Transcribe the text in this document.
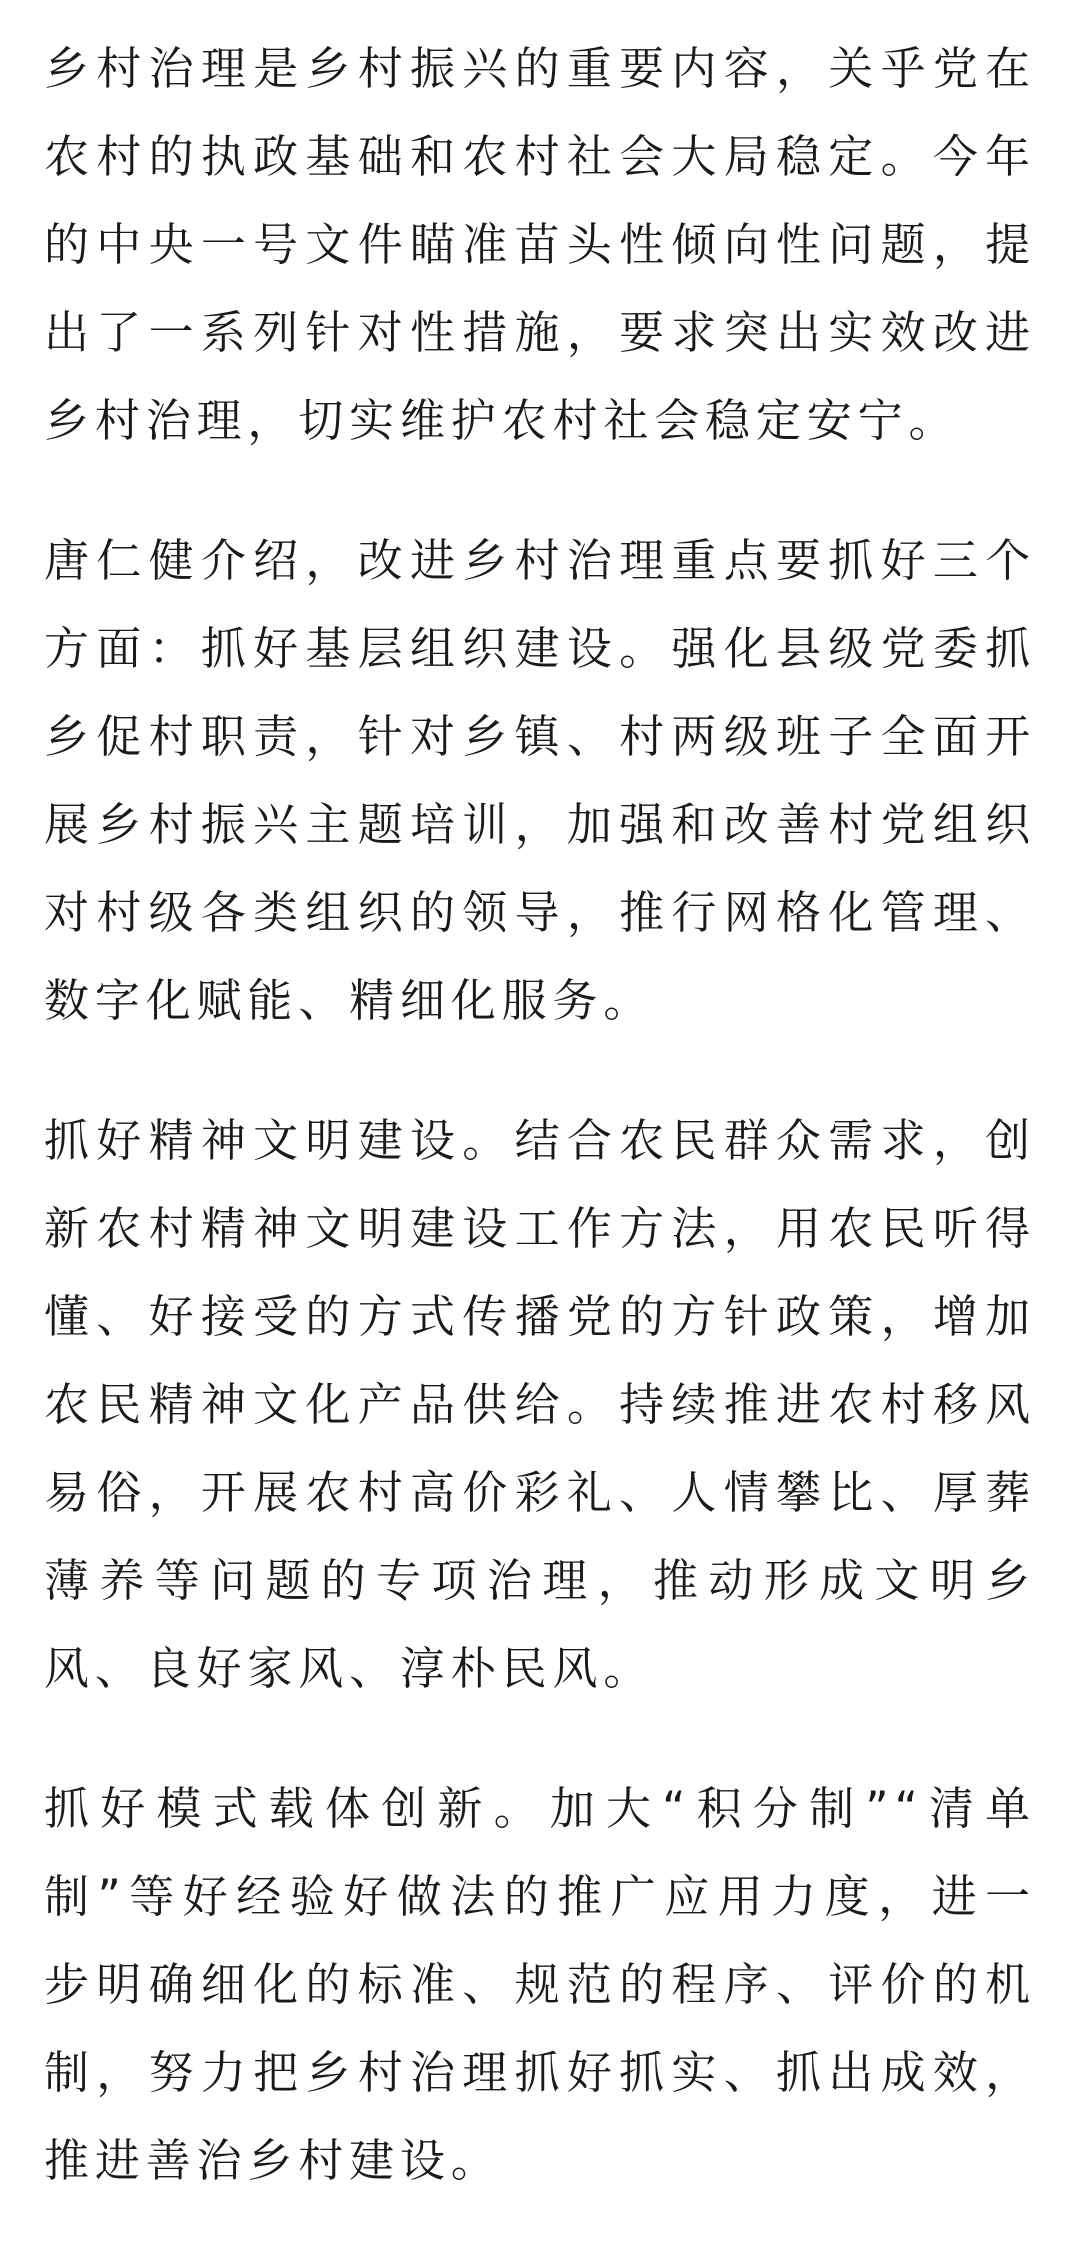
乡村治理是乡村振兴的重要内容，关乎党在农村的执政基础和农村社会大局稳定。今年的中央一号文件瞄准苗头性倾向性问题，提出了一系列针对性措施，要求突出实效改进乡村治理，切实维护农村社会稳定安宁。

唐仁健介绍，改进乡村治理重点要抓好三个方面：抓好基层组织建设。强化县级党委抓乡促村职责，针对乡镇、村两级班子全面开展乡村振兴主题培训，加强和改善村党组织对村级各类组织的领导，推行网格化管理、数字化赋能、精细化服务。

抓好精神文明建设。结合农民群众需求，创新农村精神文明建设工作方法，用农民听得懂、好接受的方式传播党的方针政策，增加农民精神文化产品供给。持续推进农村移风易俗，开展农村高价彩礼、人情攀比、厚葬薄养等问题的专项治理，推动形成文明乡风、良好家风、淳朴民风。

抓好模式载体创新。加大“积分制”“清单制”等好经验好做法的推广应用力度，进一步明确细化的标准、规范的程序、评价的机制，努力把乡村治理抓好抓实、抓出成效，推进善治乡村建设。
